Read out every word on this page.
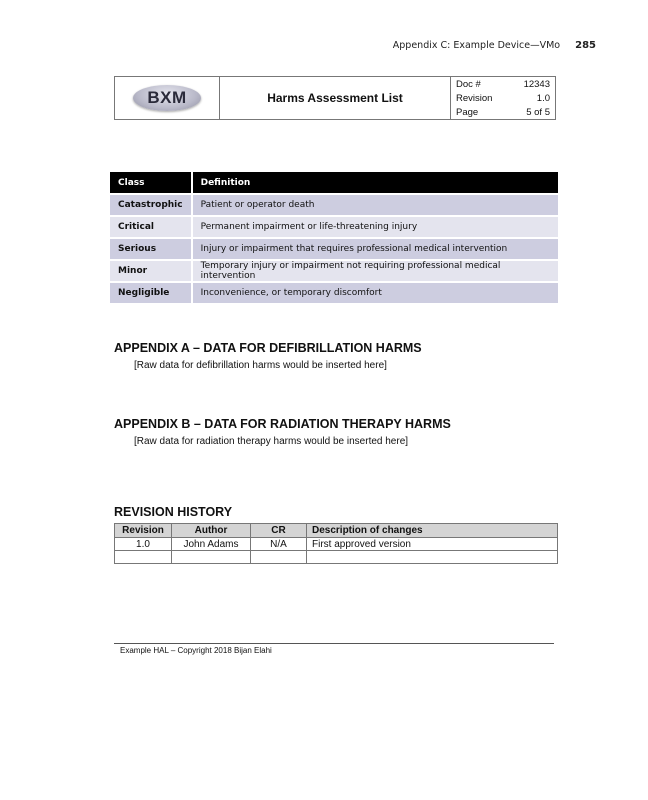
Appendix C: Example Device—VMo 285
BXM	Harms Assessment List
Doc #	12343
Revision	1.0
Page	5 of 5
Class	Definition
Catastrophic	Patient or operator death
Critical	Permanent impairment or life-threatening injury
Serious	Injury or impairment that requires professional medical intervention
Minor	Temporary injury or impairment not requiring professional medical intervention
Negligible	Inconvenience, or temporary discomfort
APPENDIX A – DATA FOR DEFIBRILLATION HARMS

[Raw data for defibrillation harms would be inserted here]

APPENDIX B – DATA FOR RADIATION THERAPY HARMS

[Raw data for radiation therapy harms would be inserted here]

REVISION HISTORY
Revision	Author	CR	Description of changes
1.0	John Adams	N/A	First approved version

Example HAL – Copyright 2018 Bijan Elahi
